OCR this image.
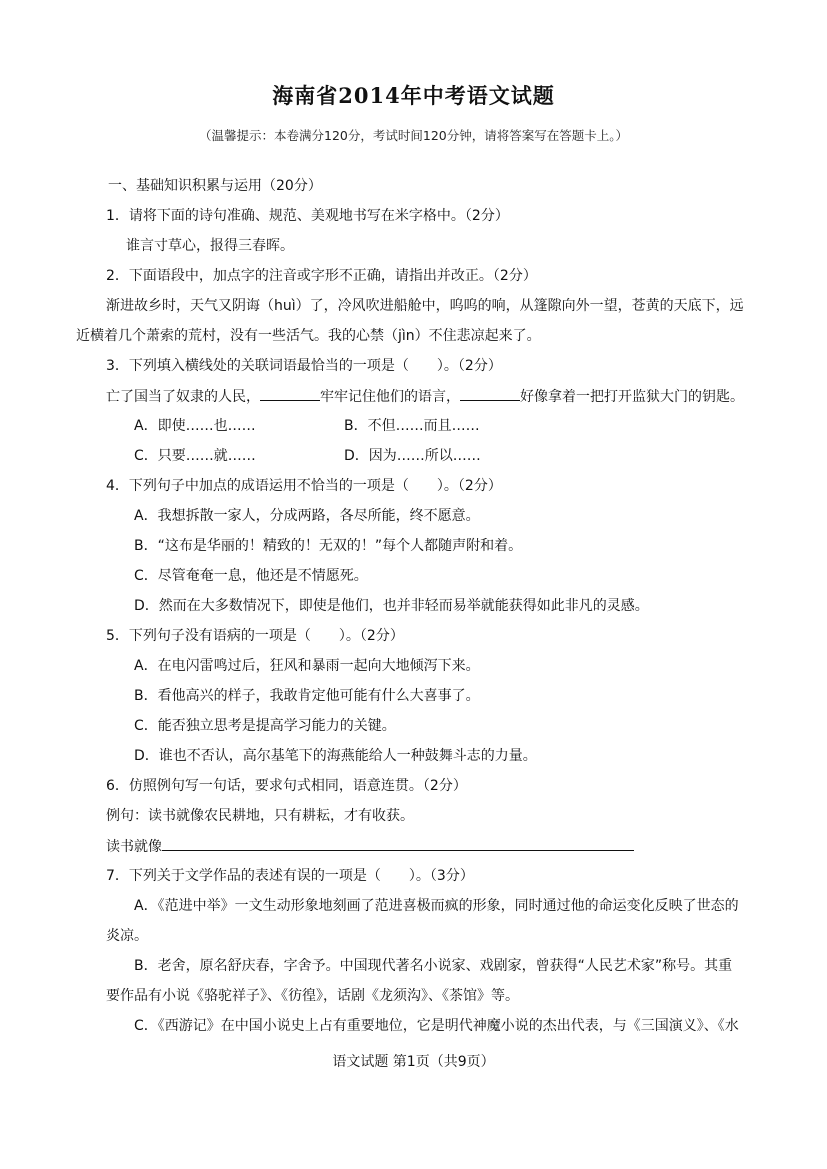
海南省2014年中考语文试题
（温馨提示：本卷满分120分，考试时间120分钟，请将答案写在答题卡上。）
一、基础知识积累与运用（20分）
1．请将下面的诗句准确、规范、美观地书写在米字格中。（2分）
谁言寸草心，报得三春晖。
2．下面语段中，加点字的注音或字形不正确，请指出并改正。（2分）
渐进故乡时，天气又阴诲（huì）了，冷风吹进船舱中，呜呜的响，从篷隙向外一望，苍黄的天底下，远
近横着几个萧索的荒村，没有一些活气。我的心禁（jìn）不住悲凉起来了。
3．下列填入横线处的关联词语最恰当的一项是（　　）。（2分）
亡了国当了奴隶的人民，	牢牢记住他们的语言，	好像拿着一把打开监狱大门的钥匙。
A．即使……也……	B．不但……而且……
C．只要……就……	D．因为……所以……
4．下列句子中加点的成语运用不恰当的一项是（　　）。（2分）
A．我想拆散一家人，分成两路，各尽所能，终不愿意。
B．“这布是华丽的！精致的！无双的！”每个人都随声附和着。
C．尽管奄奄一息，他还是不情愿死。
D．然而在大多数情况下，即使是他们，也并非轻而易举就能获得如此非凡的灵感。
5．下列句子没有语病的一项是（　　）。（2分）
A．在电闪雷鸣过后，狂风和暴雨一起向大地倾泻下来。
B．看他高兴的样子，我敢肯定他可能有什么大喜事了。
C．能否独立思考是提高学习能力的关键。
D．谁也不否认，高尔基笔下的海燕能给人一种鼓舞斗志的力量。
6．仿照例句写一句话，要求句式相同，语意连贯。（2分）
例句：读书就像农民耕地，只有耕耘，才有收获。
读书就像
7．下列关于文学作品的表述有误的一项是（　　）。（3分）
A．《范进中举》一文生动形象地刻画了范进喜极而疯的形象，同时通过他的命运变化反映了世态的
炎凉。
B．老舍，原名舒庆春，字舍予。中国现代著名小说家、戏剧家，曾获得“人民艺术家”称号。其重
要作品有小说《骆驼祥子》、《彷徨》，话剧《龙须沟》、《茶馆》等。
C．《西游记》在中国小说史上占有重要地位，它是明代神魔小说的杰出代表，与《三国演义》、《水
语文试题 第1页（共9页）
